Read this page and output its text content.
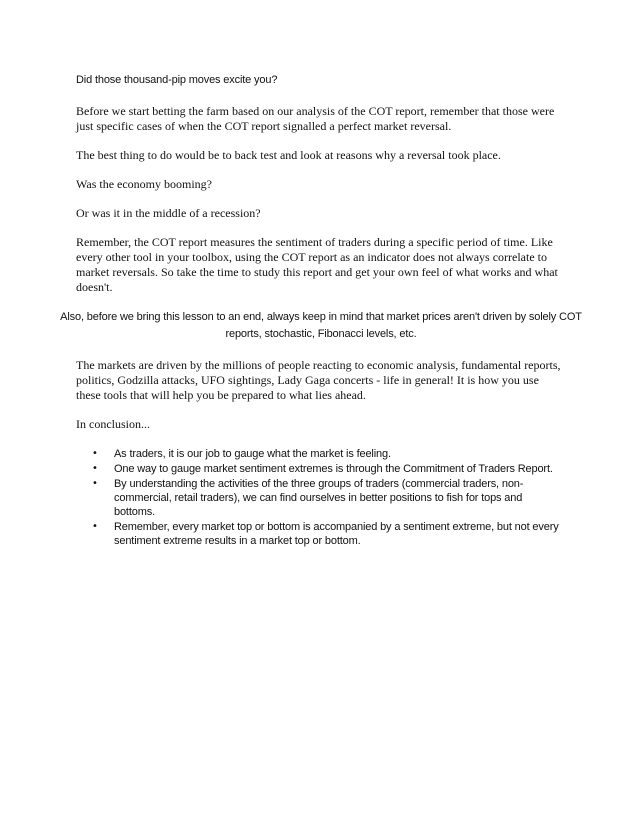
Did those thousand-pip moves excite you?

Before we start betting the farm based on our analysis of the COT report, remember that those were just specific cases of when the COT report signalled a perfect market reversal.

The best thing to do would be to back test and look at reasons why a reversal took place.

Was the economy booming?

Or was it in the middle of a recession?

Remember, the COT report measures the sentiment of traders during a specific period of time. Like every other tool in your toolbox, using the COT report as an indicator does not always correlate to market reversals. So take the time to study this report and get your own feel of what works and what doesn't.

Also, before we bring this lesson to an end, always keep in mind that market prices aren't driven by solely COT reports, stochastic, Fibonacci levels, etc.

The markets are driven by the millions of people reacting to economic analysis, fundamental reports, politics, Godzilla attacks, UFO sightings, Lady Gaga concerts - life in general! It is how you use these tools that will help you be prepared to what lies ahead.

In conclusion...

• As traders, it is our job to gauge what the market is feeling.
• One way to gauge market sentiment extremes is through the Commitment of Traders Report.
• By understanding the activities of the three groups of traders (commercial traders, non-commercial, retail traders), we can find ourselves in better positions to fish for tops and bottoms.
• Remember, every market top or bottom is accompanied by a sentiment extreme, but not every sentiment extreme results in a market top or bottom.
